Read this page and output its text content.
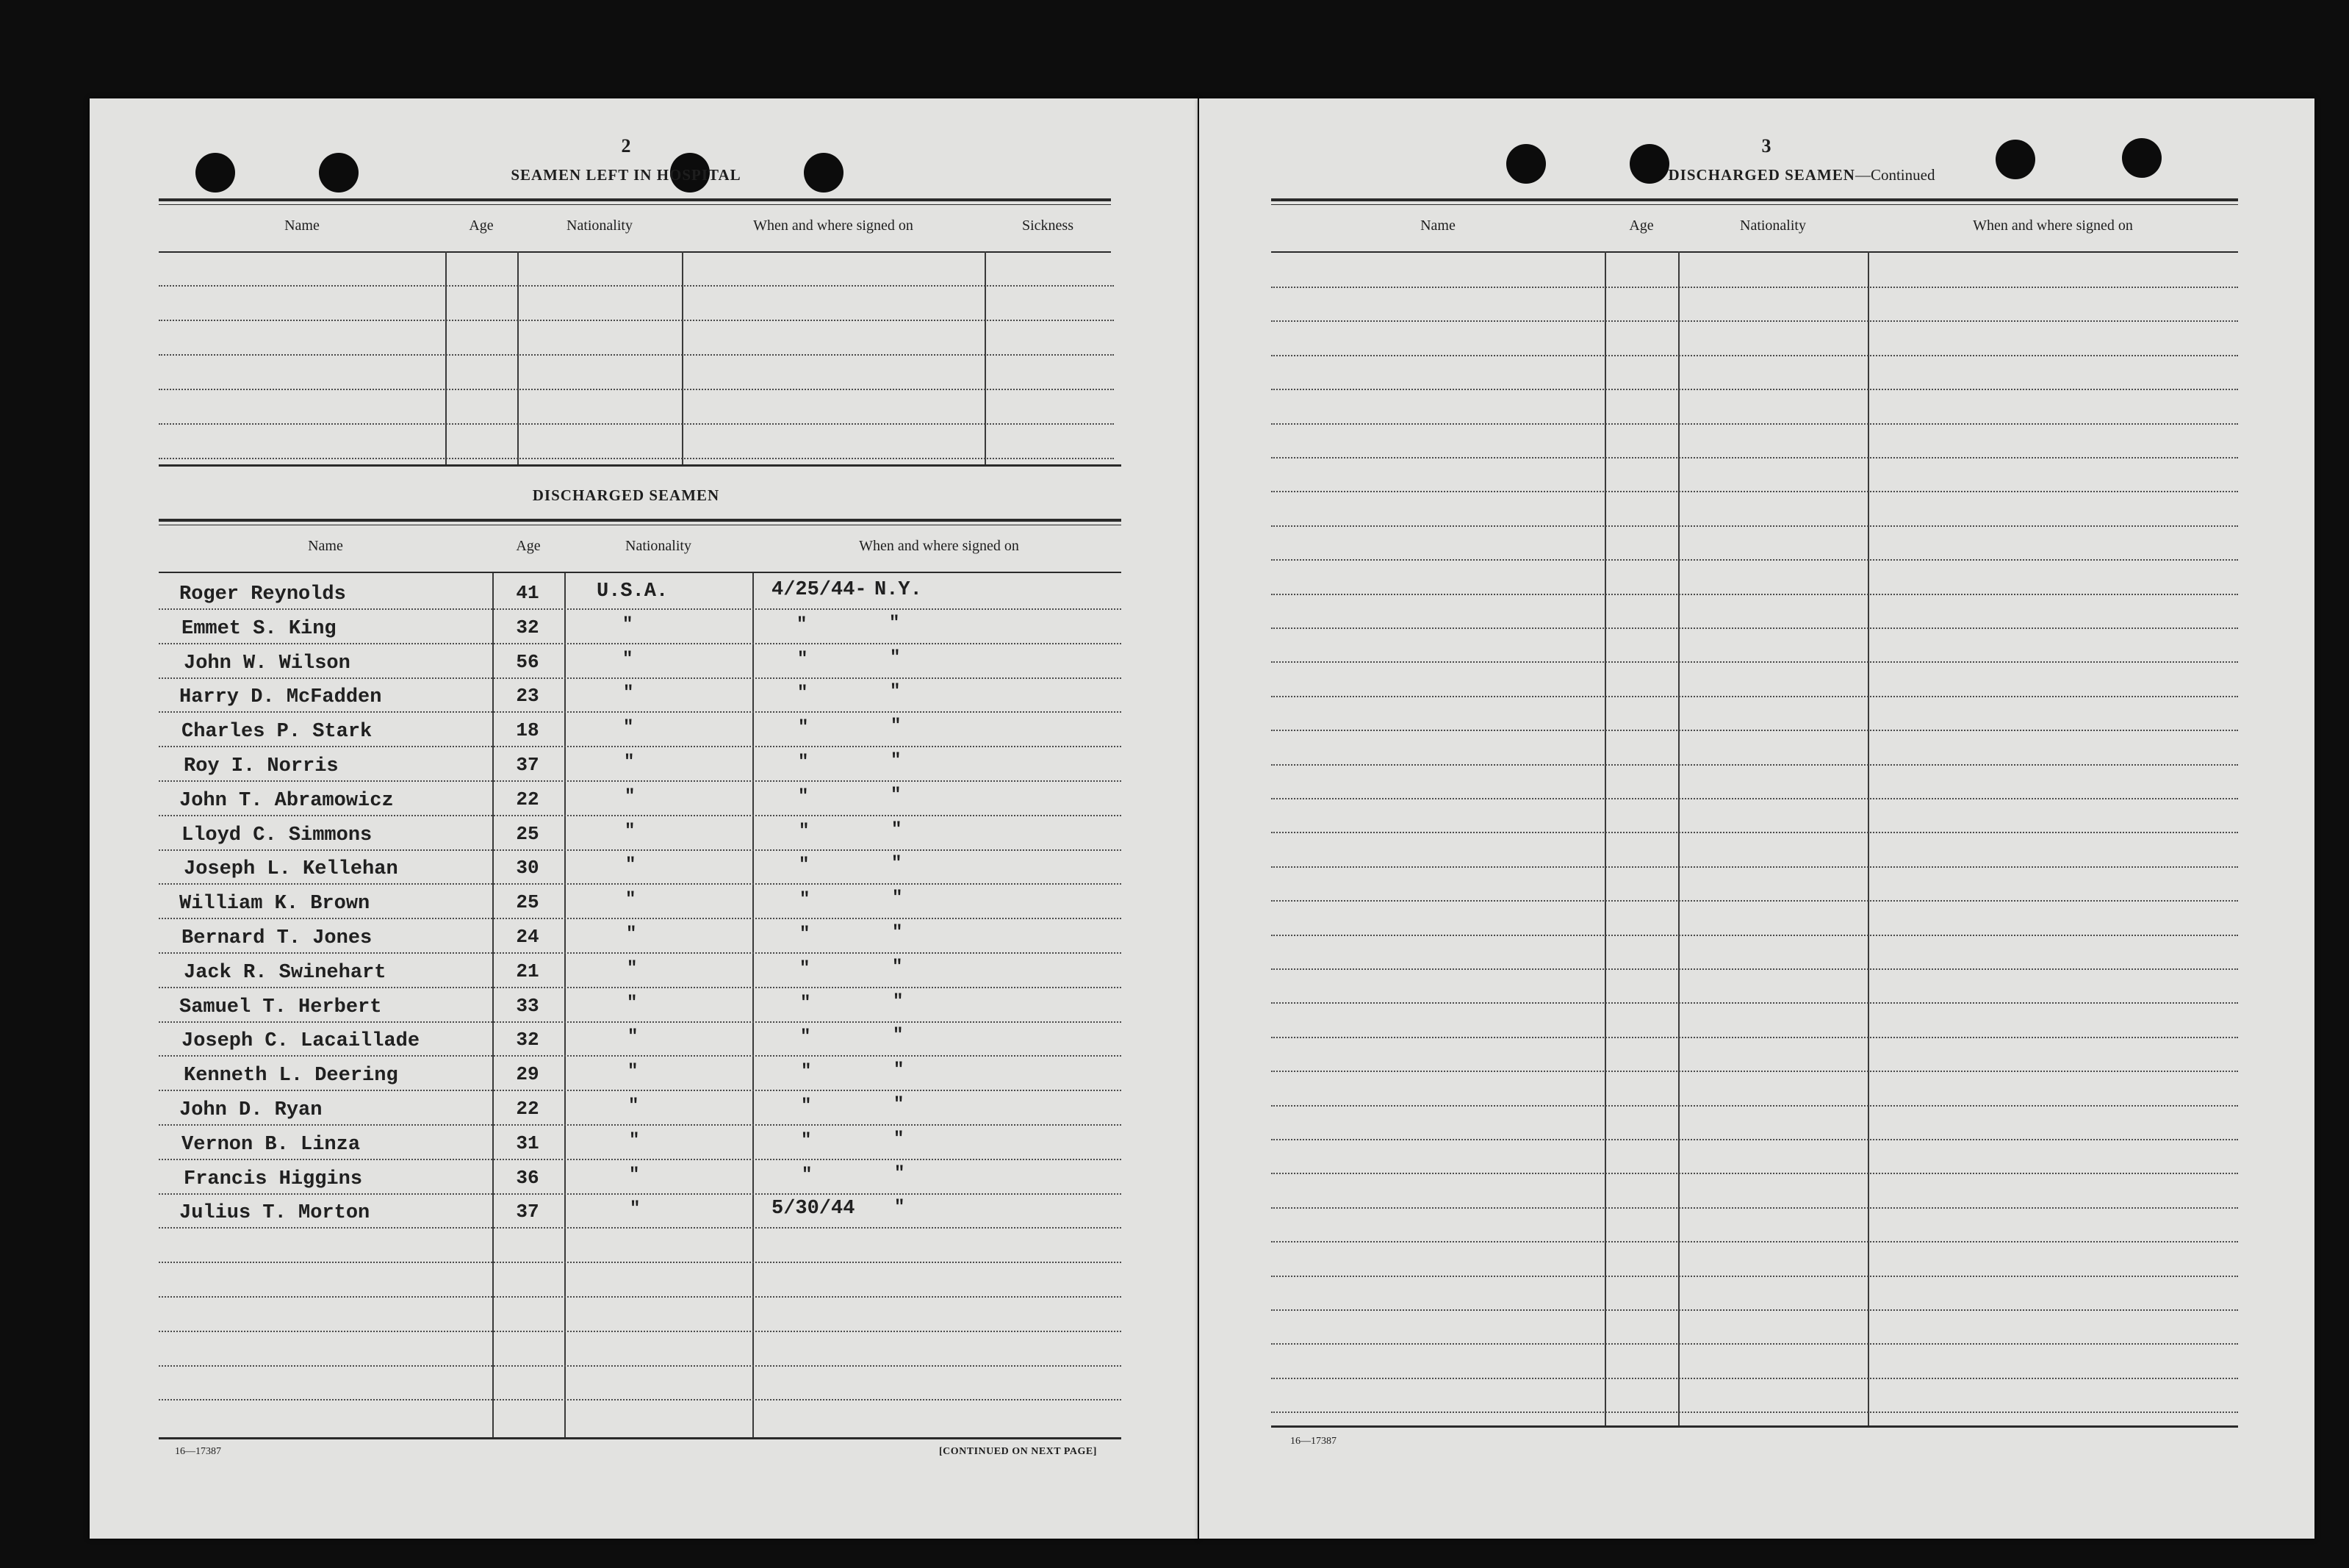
2
SEAMEN LEFT IN HOSPITAL
Name	Age	Nationality	When and where signed on	Sickness
DISCHARGED SEAMEN
Name	Age	Nationality	When and where signed on
Roger Reynolds	41	U.S.A.	4/25/44- N.Y.
Emmet S. King	32	"	"	"
John W. Wilson	56	"	"	"
Harry D. McFadden	23	"	"	"
Charles P. Stark	18	"	"	"
Roy I. Norris	37	"	"	"
John T. Abramowicz	22	"	"	"
Lloyd C. Simmons	25	"	"	"
Joseph L. Kellehan	30	"	"	"
William K. Brown	25	"	"	"
Bernard T. Jones	24	"	"	"
Jack R. Swinehart	21	"	"	"
Samuel T. Herbert	33	"	"	"
Joseph C. Lacaillade	32	"	"	"
Kenneth L. Deering	29	"	"	"
John D. Ryan	22	"	"	"
Vernon B. Linza	31	"	"	"
Francis Higgins	36	"	"	"
Julius T. Morton	37	"	5/30/44 "
16—17387	[CONTINUED ON NEXT PAGE]
3
DISCHARGED SEAMEN—Continued
Name	Age	Nationality	When and where signed on
16—17387
